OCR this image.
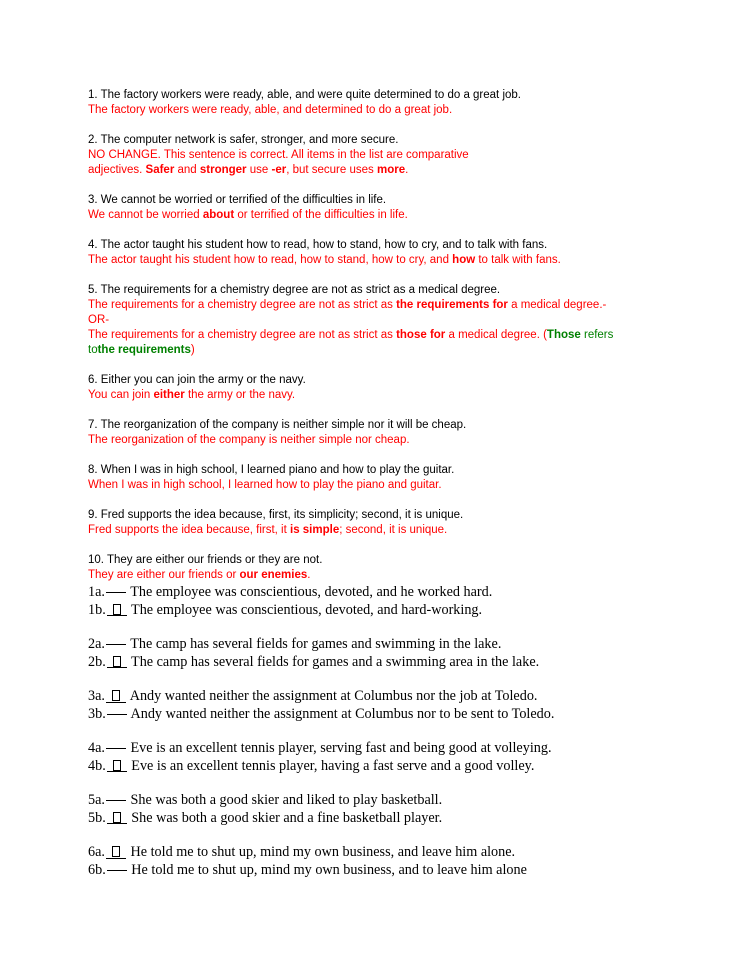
1. The factory workers were ready, able, and were quite determined to do a great job.
The factory workers were ready, able, and determined to do a great job.
2. The computer network is safer, stronger, and more secure.
NO CHANGE. This sentence is correct. All items in the list are comparative
adjectives. Safer and stronger use -er, but secure uses more.
3. We cannot be worried or terrified of the difficulties in life.
We cannot be worried about or terrified of the difficulties in life.
4. The actor taught his student how to read, how to stand, how to cry, and to talk with fans.
The actor taught his student how to read, how to stand, how to cry, and how to talk with fans.
5. The requirements for a chemistry degree are not as strict as a medical degree.
The requirements for a chemistry degree are not as strict as the requirements for a medical degree.-
OR-
The requirements for a chemistry degree are not as strict as those for a medical degree. (Those refers
tothe requirements)
6. Either you can join the army or the navy.
You can join either the army or the navy.
7. The reorganization of the company is neither simple nor it will be cheap.
The reorganization of the company is neither simple nor cheap.
8. When I was in high school, I learned piano and how to play the guitar.
When I was in high school, I learned how to play the piano and guitar.
9. Fred supports the idea because, first, its simplicity; second, it is unique.
Fred supports the idea because, first, it is simple; second, it is unique.
10. They are either our friends or they are not.
They are either our friends or our enemies.
1a. The employee was conscientious, devoted, and he worked hard.
1b. The employee was conscientious, devoted, and hard-working.
2a. The camp has several fields for games and swimming in the lake.
2b. The camp has several fields for games and a swimming area in the lake.
3a. Andy wanted neither the assignment at Columbus nor the job at Toledo.
3b. Andy wanted neither the assignment at Columbus nor to be sent to Toledo.
4a. Eve is an excellent tennis player, serving fast and being good at volleying.
4b. Eve is an excellent tennis player, having a fast serve and a good volley.
5a. She was both a good skier and liked to play basketball.
5b. She was both a good skier and a fine basketball player.
6a. He told me to shut up, mind my own business, and leave him alone.
6b. He told me to shut up, mind my own business, and to leave him alone
